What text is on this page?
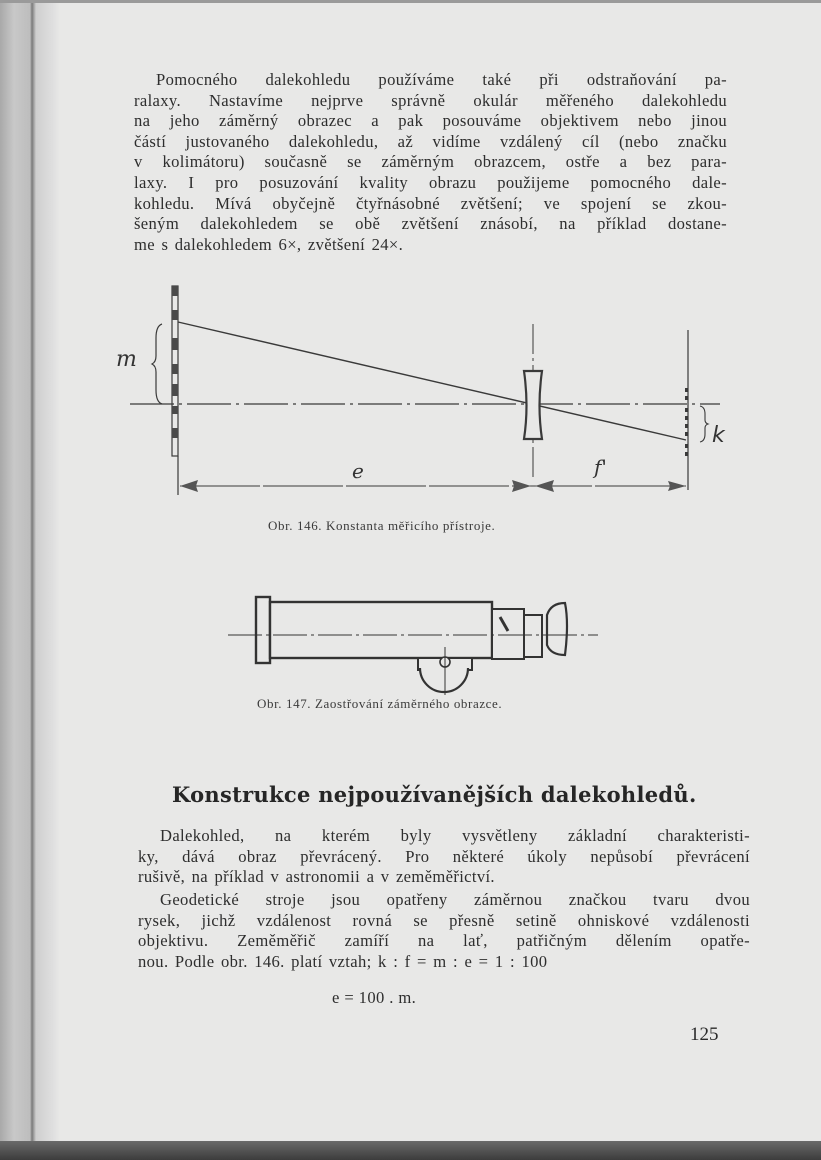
Pomocného dalekohledu používáme také při odstraňování pa-
ralaxy. Nastavíme nejprve správně okulár měřeného dalekohledu
na jeho záměrný obrazec a pak posouváme objektivem nebo jinou
částí justovaného dalekohledu, až vidíme vzdálený cíl (nebo značku
v kolimátoru) současně se záměrným obrazcem, ostře a bez para-
laxy. I pro posuzování kvality obrazu použijeme pomocného dale-
kohledu. Mívá obyčejně čtyřnásobné zvětšení; ve spojení se zkou-
šeným dalekohledem se obě zvětšení znásobí, na příklad dostane-
me s dalekohledem 6×, zvětšení 24×.
m
k
e	f'
Obr. 146. Konstanta měřicího přístroje.
Obr. 147. Zaostřování záměrného obrazce.
Konstrukce nejpoužívanějších dalekohledů.
Dalekohled, na kterém byly vysvětleny základní charakteristi-
ky, dává obraz převrácený. Pro některé úkoly nepůsobí převrácení
rušivě, na příklad v astronomii a v zeměměřictví.
Geodetické stroje jsou opatřeny záměrnou značkou tvaru dvou
rysek, jichž vzdálenost rovná se přesně setině ohniskové vzdálenosti
objektivu. Zeměměřič zamíří na lať, patřičným dělením opatře-
nou. Podle obr. 146. platí vztah; k : f = m : e = 1 : 100
e = 100 . m.
125
